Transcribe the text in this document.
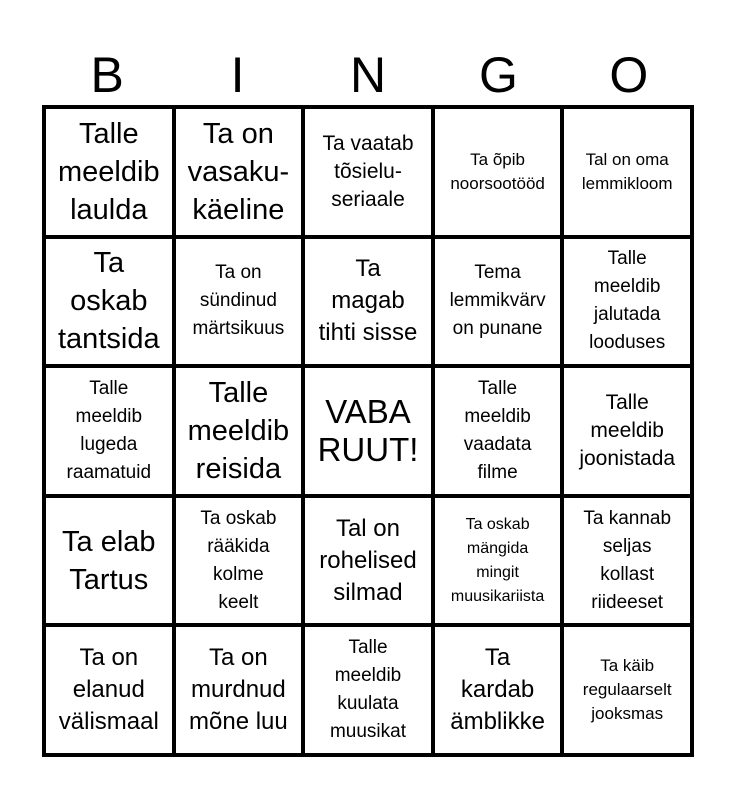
B	I	N	G	O
Talle
meeldib
laulda
Ta on
vasaku-
käeline
Ta vaatab
tõsielu-
seriaale
Ta õpib
noorsootööd
Tal on oma
lemmikloom
Ta
oskab
tantsida
Ta on
sündinud
märtsikuus
Ta
magab
tihti sisse
Tema
lemmikvärv
on punane
Talle
meeldib
jalutada
looduses
Talle
meeldib
lugeda
raamatuid
Talle
meeldib
reisida
VABA
RUUT!
Talle
meeldib
vaadata
filme
Talle
meeldib
joonistada
Ta elab
Tartus
Ta oskab
rääkida
kolme
keelt
Tal on
rohelised
silmad
Ta oskab
mängida
mingit
muusikariista
Ta kannab
seljas
kollast
riideeset
Ta on
elanud
välismaal
Ta on
murdnud
mõne luu
Talle
meeldib
kuulata
muusikat
Ta
kardab
ämblikke
Ta käib
regulaarselt
jooksmas
